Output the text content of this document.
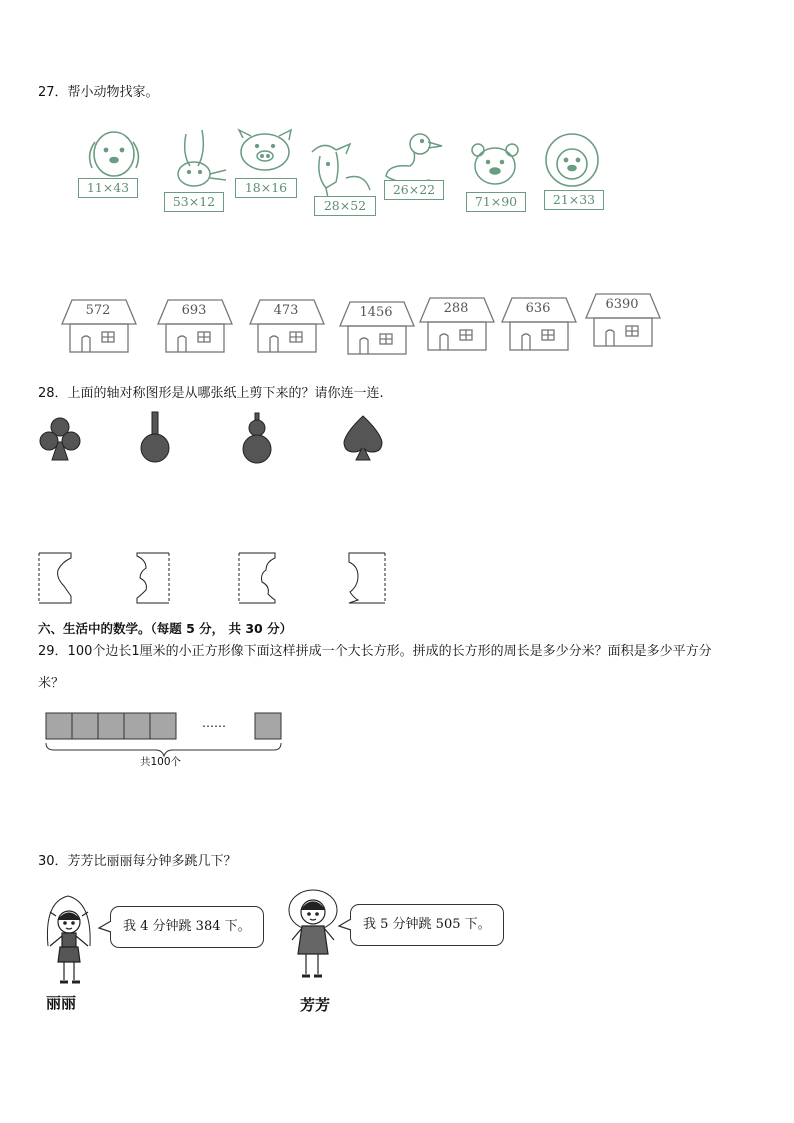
27．帮小动物找家。
11×43
53×12
18×16
28×52
26×22
71×90	21×33
572	693	473	1456	288	636	6390
28．上面的轴对称图形是从哪张纸上剪下来的？请你连一连.
六、生活中的数学。（每题 5 分， 共 30 分）
29．100个边长1厘米的小正方形像下面这样拼成一个大长方形。拼成的长方形的周长是多少分米？面积是多少平方分
米？
……
共100个
30．芳芳比丽丽每分钟多跳几下？
我 4 分钟跳 384 下。
丽丽
我 5 分钟跳 505 下。
芳芳
